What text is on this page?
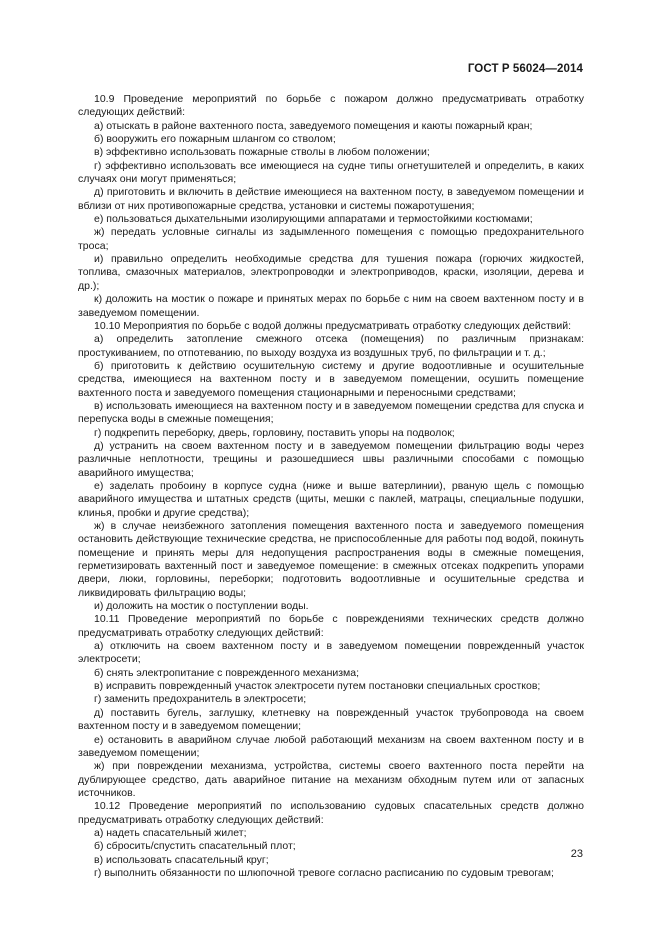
ГОСТ Р 56024—2014

10.9 Проведение мероприятий по борьбе с пожаром должно предусматривать отработку следующих действий:

а) отыскать в районе вахтенного поста, заведуемого помещения и каюты пожарный кран;

б) вооружить его пожарным шлангом со стволом;

в) эффективно использовать пожарные стволы в любом положении;

г) эффективно использовать все имеющиеся на судне типы огнетушителей и определить, в каких случаях они могут применяться;

д) приготовить и включить в действие имеющиеся на вахтенном посту, в заведуемом помещении и вблизи от них противопожарные средства, установки и системы пожаротушения;

е) пользоваться дыхательными изолирующими аппаратами и термостойкими костюмами;

ж) передать условные сигналы из задымленного помещения с помощью предохранительного троса;

и) правильно определить необходимые средства для тушения пожара (горючих жидкостей, топлива, смазочных материалов, электропроводки и электроприводов, краски, изоляции, дерева и др.);

к) доложить на мостик о пожаре и принятых мерах по борьбе с ним на своем вахтенном посту и в заведуемом помещении.

10.10 Мероприятия по борьбе с водой должны предусматривать отработку следующих действий:

а) определить затопление смежного отсека (помещения) по различным признакам: простукиванием, по отпотеванию, по выходу воздуха из воздушных труб, по фильтрации и т. д.;

б) приготовить к действию осушительную систему и другие водоотливные и осушительные средства, имеющиеся на вахтенном посту и в заведуемом помещении, осушить помещение вахтенного поста и заведуемого помещения стационарными и переносными средствами;

в) использовать имеющиеся на вахтенном посту и в заведуемом помещении средства для спуска и перепуска воды в смежные помещения;

г) подкрепить переборку, дверь, горловину, поставить упоры на подволок;

д) устранить на своем вахтенном посту и в заведуемом помещении фильтрацию воды через различные неплотности, трещины и разошедшиеся швы различными способами с помощью аварийного имущества;

е) заделать пробоину в корпусе судна (ниже и выше ватерлинии), рваную щель с помощью аварийного имущества и штатных средств (щиты, мешки с паклей, матрацы, специальные подушки, клинья, пробки и другие средства);

ж) в случае неизбежного затопления помещения вахтенного поста и заведуемого помещения остановить действующие технические средства, не приспособленные для работы под водой, покинуть помещение и принять меры для недопущения распространения воды в смежные помещения, герметизировать вахтенный пост и заведуемое помещение: в смежных отсеках подкрепить упорами двери, люки, горловины, переборки; подготовить водоотливные и осушительные средства и ликвидировать фильтрацию воды;

и) доложить на мостик о поступлении воды.

10.11 Проведение мероприятий по борьбе с повреждениями технических средств должно предусматривать отработку следующих действий:

а) отключить на своем вахтенном посту и в заведуемом помещении поврежденный участок электросети;

б) снять электропитание с поврежденного механизма;

в) исправить поврежденный участок электросети путем постановки специальных сростков;

г) заменить предохранитель в электросети;

д) поставить бугель, заглушку, клетневку на поврежденный участок трубопровода на своем вахтенном посту и в заведуемом помещении;

е) остановить в аварийном случае любой работающий механизм на своем вахтенном посту и в заведуемом помещении;

ж) при повреждении механизма, устройства, системы своего вахтенного поста перейти на дублирующее средство, дать аварийное питание на механизм обходным путем или от запасных источников.

10.12 Проведение мероприятий по использованию судовых спасательных средств должно предусматривать отработку следующих действий:

а) надеть спасательный жилет;

б) сбросить/спустить спасательный плот;

в) использовать спасательный круг;

г) выполнить обязанности по шлюпочной тревоге согласно расписанию по судовым тревогам;

23
